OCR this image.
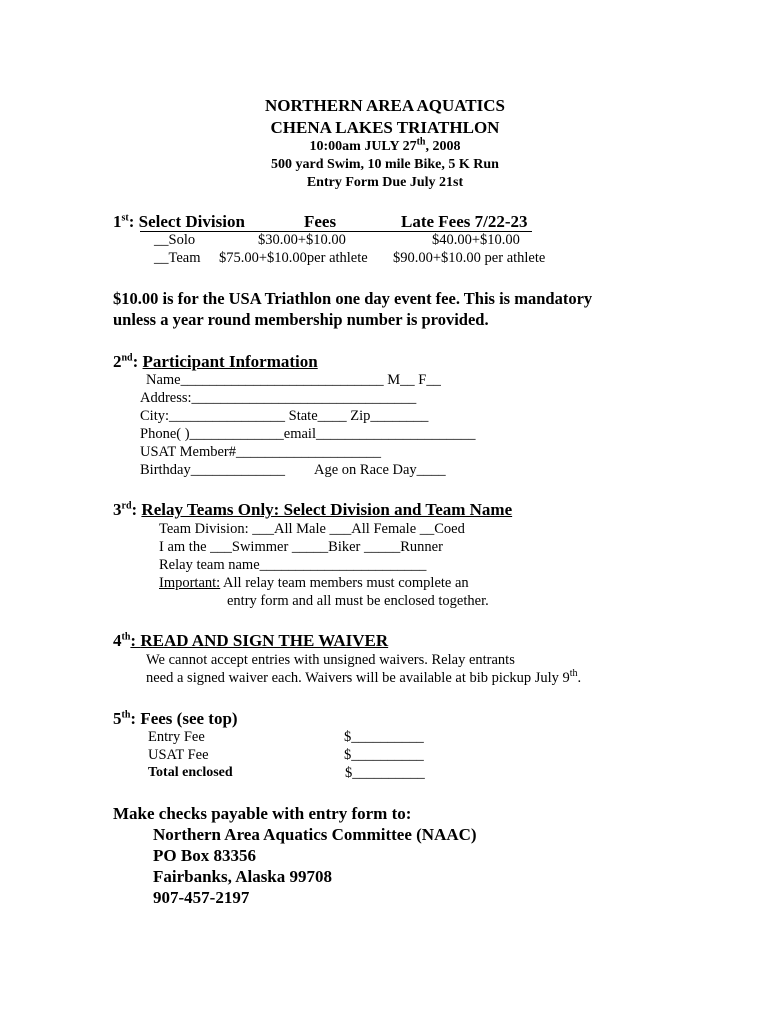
NORTHERN AREA AQUATICS
CHENA LAKES TRIATHLON
10:00am JULY 27th, 2008
500 yard Swim, 10 mile Bike, 5 K Run
Entry Form Due July 21st
1st: Select Division	Fees	Late Fees 7/22-23
__Solo	$30.00+$10.00	$40.00+$10.00
__Team $75.00+$10.00per athlete $90.00+$10.00 per athlete
$10.00 is for the USA Triathlon one day event fee. This is mandatory
unless a year round membership number is provided.
2nd: Participant Information
Name____________________________ M__ F__
Address:_______________________________
City:________________ State____ Zip________
Phone( )_____________email______________________
USAT Member#____________________
Birthday_____________ Age on Race Day____
3rd: Relay Teams Only: Select Division and Team Name
Team Division: ___All Male ___All Female __Coed
I am the ___Swimmer _____Biker _____Runner
Relay team name_______________________
Important: All relay team members must complete an
entry form and all must be enclosed together.
4th: READ AND SIGN THE WAIVER
We cannot accept entries with unsigned waivers. Relay entrants
need a signed waiver each. Waivers will be available at bib pickup July 9th.
5th: Fees (see top)
Entry Fee	$__________
USAT Fee	$__________
Total enclosed	$__________
Make checks payable with entry form to:
Northern Area Aquatics Committee (NAAC)
PO Box 83356
Fairbanks, Alaska 99708
907-457-2197
